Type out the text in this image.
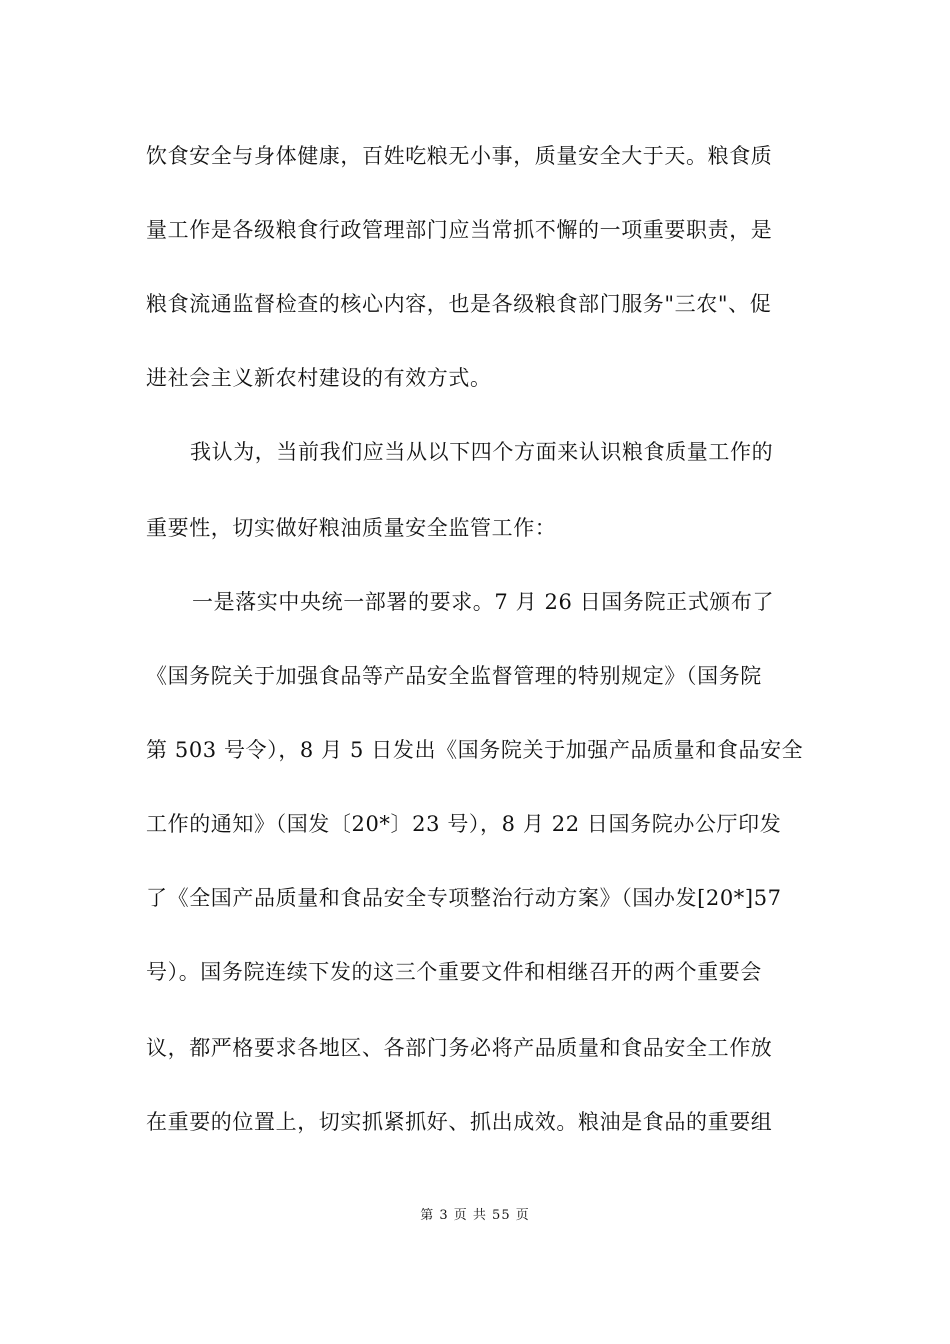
饮食安全与身体健康，百姓吃粮无小事，质量安全大于天。粮食质
量工作是各级粮食行政管理部门应当常抓不懈的一项重要职责，是
粮食流通监督检查的核心内容，也是各级粮食部门服务"三农"、促
进社会主义新农村建设的有效方式。
我认为，当前我们应当从以下四个方面来认识粮食质量工作的
重要性，切实做好粮油质量安全监管工作：
一是落实中央统一部署的要求。7 月 26 日国务院正式颁布了
《国务院关于加强食品等产品安全监督管理的特别规定》（国务院
第 503 号令），8 月 5 日发出《国务院关于加强产品质量和食品安全
工作的通知》（国发〔20*〕23 号），8 月 22 日国务院办公厅印发
了《全国产品质量和食品安全专项整治行动方案》（国办发[20*]57
号）。国务院连续下发的这三个重要文件和相继召开的两个重要会
议，都严格要求各地区、各部门务必将产品质量和食品安全工作放
在重要的位置上，切实抓紧抓好、抓出成效。粮油是食品的重要组
第 3 页 共 55 页
